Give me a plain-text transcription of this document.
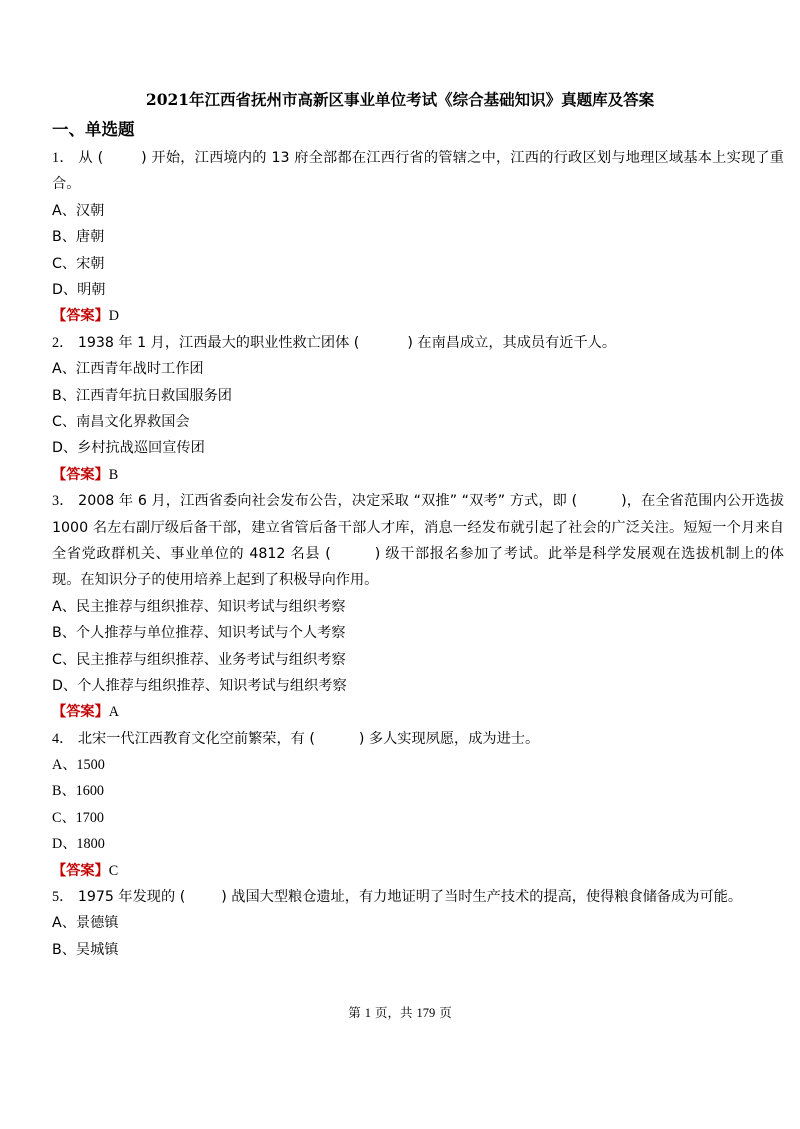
2021年江西省抚州市高新区事业单位考试《综合基础知识》真题库及答案
一、单选题
1． 从 (	) 开始，江西境内的 13 府全部都在江西行省的管辖之中，江西的行政区划与地理区域基本上实现了重合。
A、汉朝
B、唐朝
C、宋朝
D、明朝
【答案】D
2． 1938 年 1 月，江西最大的职业性救亡团体 (	) 在南昌成立，其成员有近千人。
A、江西青年战时工作团
B、江西青年抗日救国服务团
C、南昌文化界救国会
D、乡村抗战巡回宣传团
【答案】B
3． 2008 年 6 月，江西省委向社会发布公告，决定采取 “双推” “双考” 方式，即 (	)，在全省范围内公开选拔 1000 名左右副厅级后备干部，建立省管后备干部人才库，消息一经发布就引起了社会的广泛关注。短短一个月来自全省党政群机关、事业单位的 4812 名县 (	) 级干部报名参加了考试。此举是科学发展观在选拔机制上的体现。在知识分子的使用培养上起到了积极导向作用。
A、民主推荐与组织推荐、知识考试与组织考察
B、个人推荐与单位推荐、知识考试与个人考察
C、民主推荐与组织推荐、业务考试与组织考察
D、个人推荐与组织推荐、知识考试与组织考察
【答案】A
4． 北宋一代江西教育文化空前繁荣，有 (	) 多人实现夙愿，成为进士。
A、1500
B、1600
C、1700
D、1800
【答案】C
5． 1975 年发现的 (	) 战国大型粮仓遗址，有力地证明了当时生产技术的提高，使得粮食储备成为可能。
A、景德镇
B、吴城镇
第 1 页，共 179 页
